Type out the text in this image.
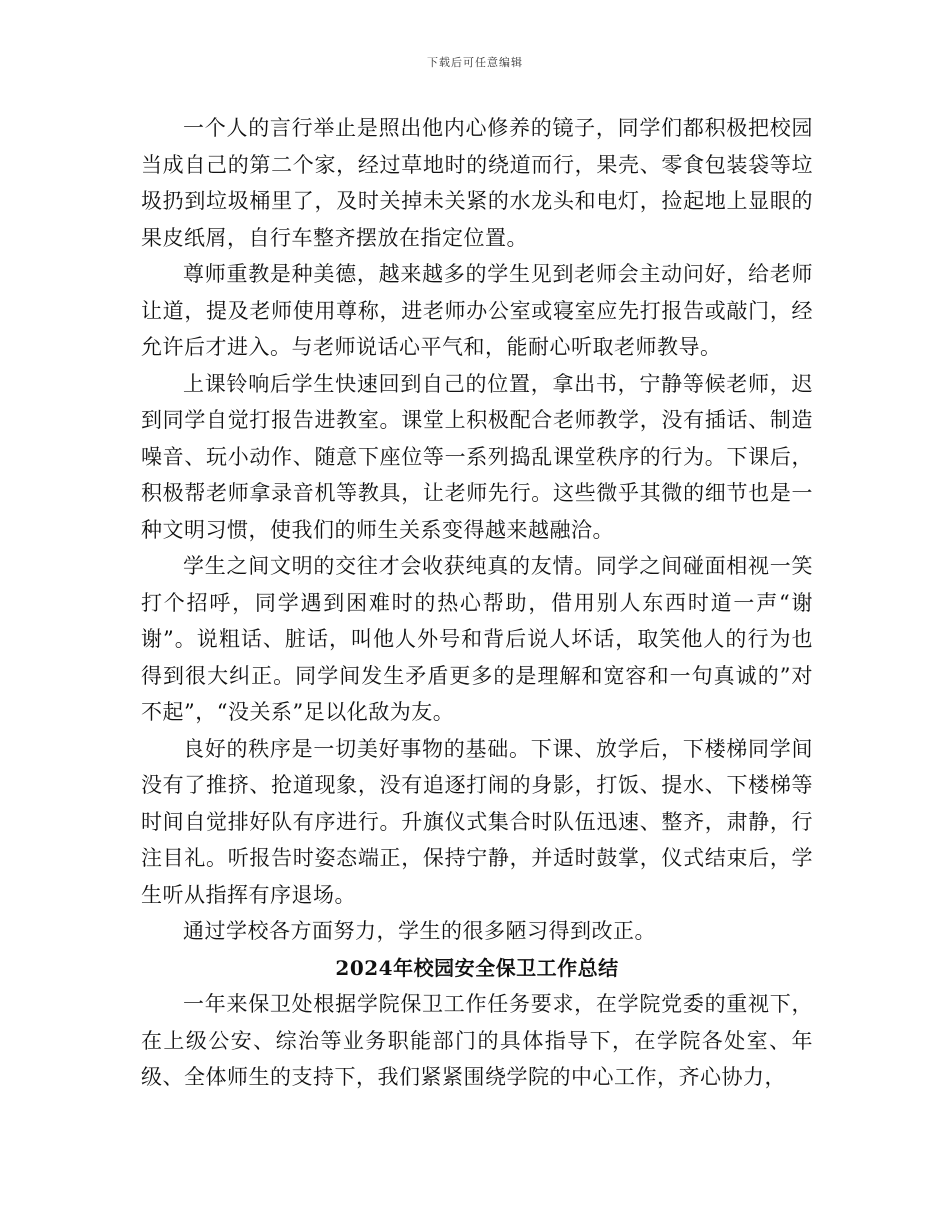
下载后可任意编辑

一个人的言行举止是照出他内心修养的镜子，同学们都积极把校园当成自己的第二个家，经过草地时的绕道而行，果壳、零食包装袋等垃圾扔到垃圾桶里了，及时关掉未关紧的水龙头和电灯，捡起地上显眼的果皮纸屑，自行车整齐摆放在指定位置。

尊师重教是种美德，越来越多的学生见到老师会主动问好，给老师让道，提及老师使用尊称，进老师办公室或寝室应先打报告或敲门，经允许后才进入。与老师说话心平气和，能耐心听取老师教导。

上课铃响后学生快速回到自己的位置，拿出书，宁静等候老师，迟到同学自觉打报告进教室。课堂上积极配合老师教学，没有插话、制造噪音、玩小动作、随意下座位等一系列捣乱课堂秩序的行为。下课后，积极帮老师拿录音机等教具，让老师先行。这些微乎其微的细节也是一种文明习惯，使我们的师生关系变得越来越融洽。

学生之间文明的交往才会收获纯真的友情。同学之间碰面相视一笑打个招呼，同学遇到困难时的热心帮助，借用别人东西时道一声“谢谢”。说粗话、脏话，叫他人外号和背后说人坏话，取笑他人的行为也得到很大纠正。同学间发生矛盾更多的是理解和宽容和一句真诚的”对不起”，“没关系”足以化敌为友。

良好的秩序是一切美好事物的基础。下课、放学后，下楼梯同学间没有了推挤、抢道现象，没有追逐打闹的身影，打饭、提水、下楼梯等时间自觉排好队有序进行。升旗仪式集合时队伍迅速、整齐，肃静，行注目礼。听报告时姿态端正，保持宁静，并适时鼓掌，仪式结束后，学生听从指挥有序退场。

通过学校各方面努力，学生的很多陋习得到改正。

2024年校园安全保卫工作总结

一年来保卫处根据学院保卫工作任务要求，在学院党委的重视下，在上级公安、综治等业务职能部门的具体指导下，在学院各处室、年级、全体师生的支持下，我们紧紧围绕学院的中心工作，齐心协力，
